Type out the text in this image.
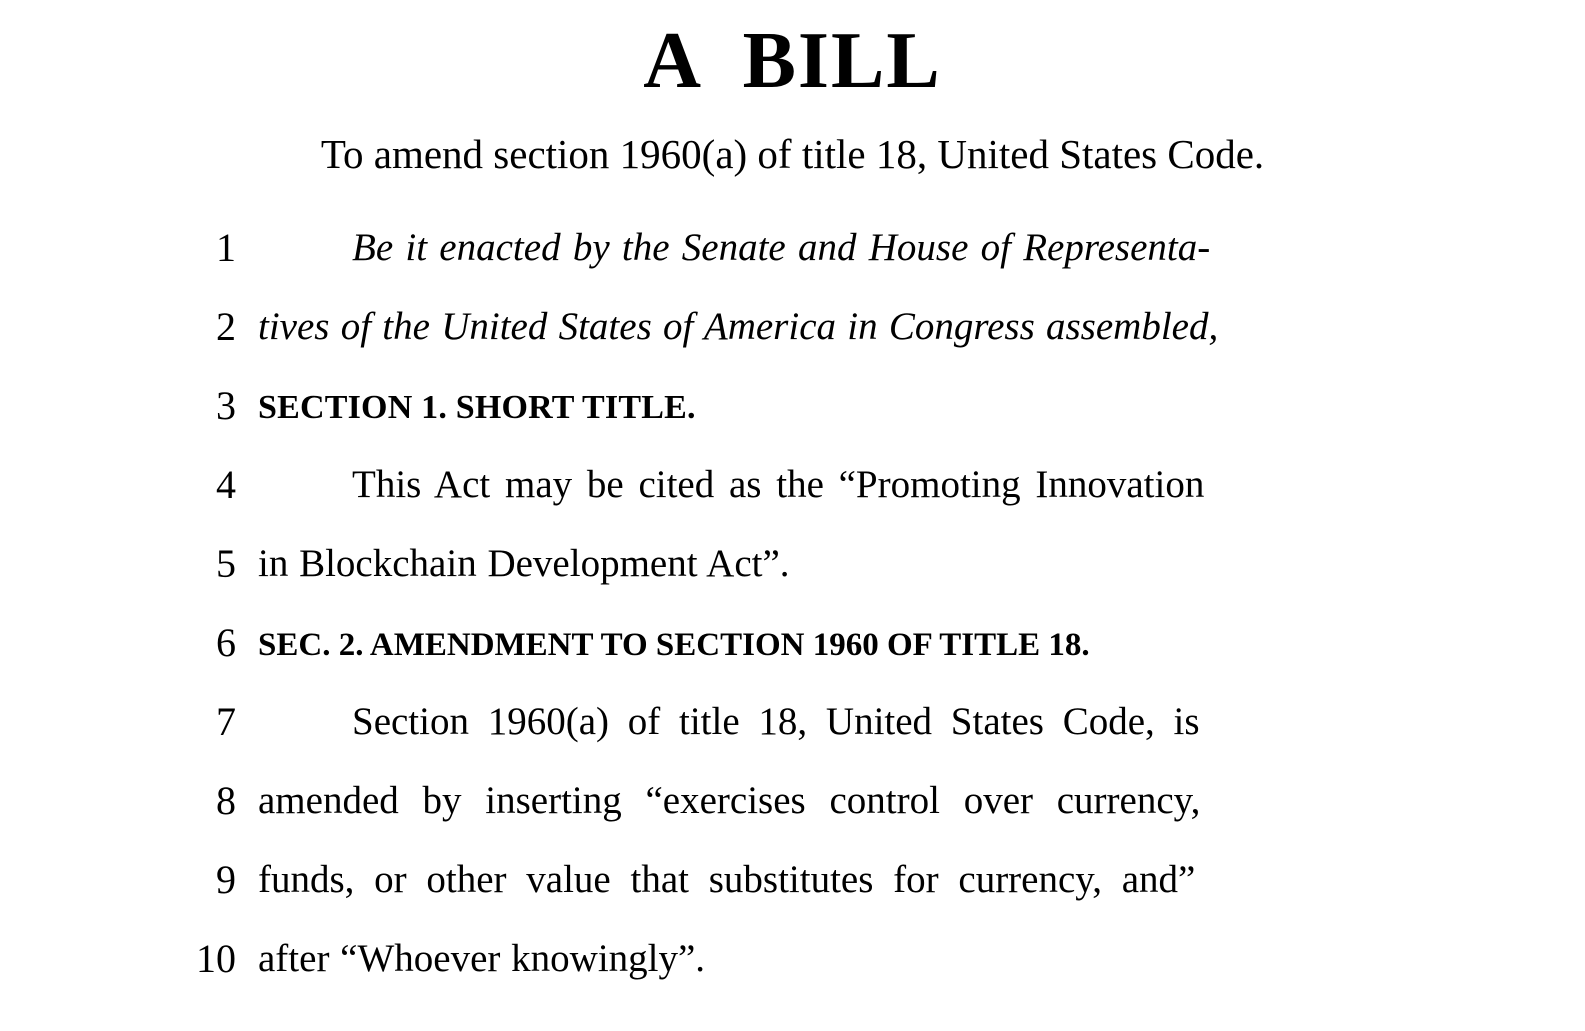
A  BILL
To amend section 1960(a) of title 18, United States Code.
1	Be it enacted by the Senate and House of Representa-
2 tives of the United States of America in Congress assembled,
3 SECTION 1. SHORT TITLE.
4	This Act may be cited as the “Promoting Innovation
5 in Blockchain Development Act”.
6 SEC. 2. AMENDMENT TO SECTION 1960 OF TITLE 18.
7	Section 1960(a) of title 18, United States Code, is
8 amended by inserting “exercises control over currency,
9 funds, or other value that substitutes for currency, and”
10 after “Whoever knowingly”.
